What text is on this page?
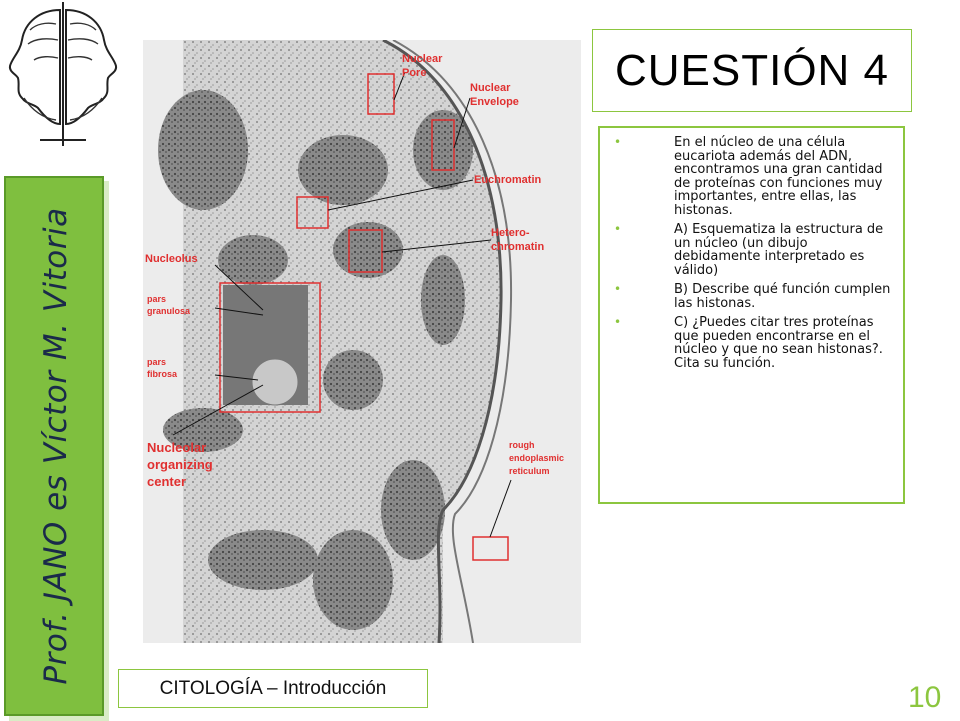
Prof. JANO es Víctor M. Vitoria
Nuclear Pore
Nuclear Envelope
Euchromatin
Hetero-chromatin
Nucleolus
pars granulosa
pars fibrosa
Nucleolar organizing center
rough endoplasmic reticulum
CUESTIÓN 4
•	En el núcleo de una célula eucariota además del ADN, encontramos una gran cantidad de proteínas con funciones muy importantes, entre ellas, las histonas.
•	A) Esquematiza la estructura de un núcleo (un dibujo debidamente interpretado es válido)
•	B) Describe qué función cumplen las histonas.
•	C) ¿Puedes citar tres proteínas que pueden encontrarse en el núcleo y que no sean histonas?. Cita su función.
CITOLOGÍA – Introducción	10
